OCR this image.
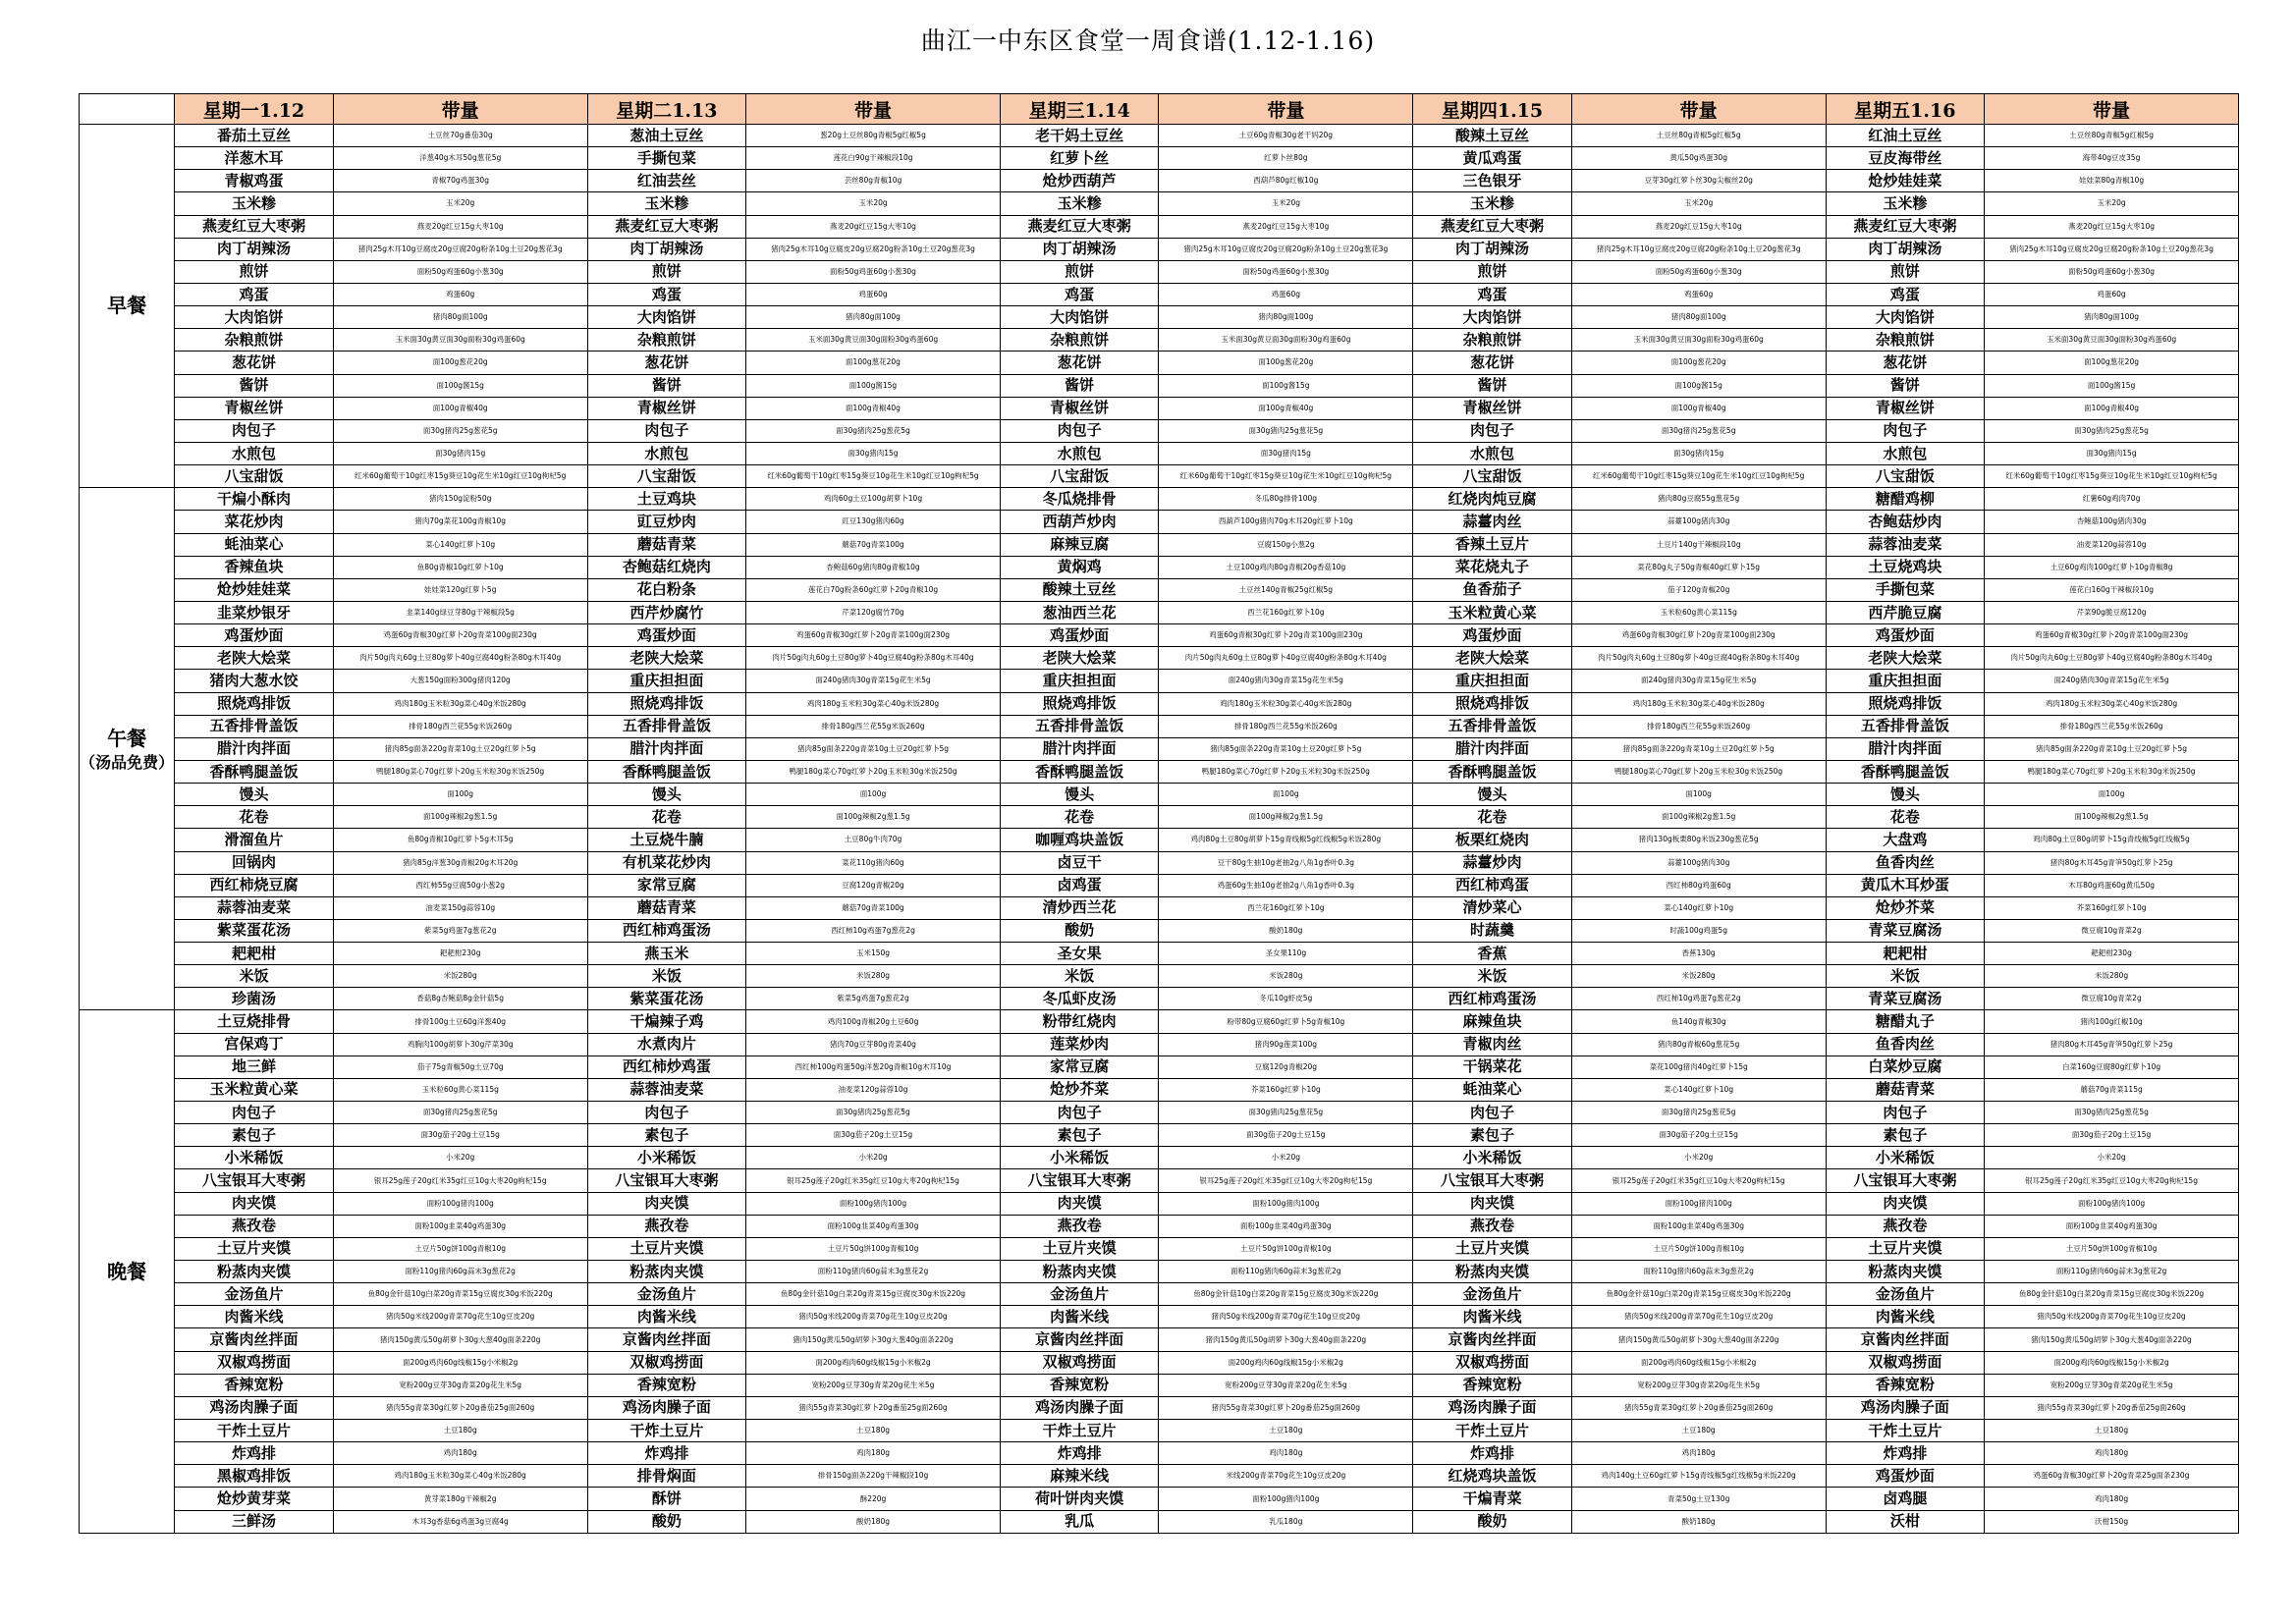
曲江一中东区食堂一周食谱(1.12-1.16)
	星期一1.12	带量	星期二1.13	带量	星期三1.14	带量	星期四1.15	带量	星期五1.16	带量
早餐	番茄土豆丝	土豆丝70g番茄30g	葱油土豆丝	葱20g土豆丝80g青椒5g红椒5g	老干妈土豆丝	土豆60g青椒30g老干妈20g	酸辣土豆丝	土豆丝80g青椒5g红椒5g	红油土豆丝	土豆丝80g青椒5g红椒5g
	洋葱木耳	洋葱40g木耳50g葱花5g	手撕包菜	莲花白90g干辣椒段10g	红萝卜丝	红萝卜丝80g	黄瓜鸡蛋	黄瓜50g鸡蛋30g	豆皮海带丝	海带40g豆皮35g
	青椒鸡蛋	青椒70g鸡蛋30g	红油芸丝	芸丝80g青椒10g	炝炒西葫芦	西葫芦80g红椒10g	三色银牙	豆芽30g红萝卜丝30g尖椒丝20g	炝炒娃娃菜	娃娃菜80g青椒10g
	玉米糁	玉米20g	玉米糁	玉米20g	玉米糁	玉米20g	玉米糁	玉米20g	玉米糁	玉米20g
	燕麦红豆大枣粥	燕麦20g红豆15g大枣10g	燕麦红豆大枣粥	燕麦20g红豆15g大枣10g	燕麦红豆大枣粥	燕麦20g红豆15g大枣10g	燕麦红豆大枣粥	燕麦20g红豆15g大枣10g	燕麦红豆大枣粥	燕麦20g红豆15g大枣10g
	肉丁胡辣汤	猪肉25g木耳10g豆腐皮20g豆腐20g粉条10g土豆20g葱花3g	肉丁胡辣汤	猪肉25g木耳10g豆腐皮20g豆腐20g粉条10g土豆20g葱花3g	肉丁胡辣汤	猪肉25g木耳10g豆腐皮20g豆腐20g粉条10g土豆20g葱花3g	肉丁胡辣汤	猪肉25g木耳10g豆腐皮20g豆腐20g粉条10g土豆20g葱花3g	肉丁胡辣汤	猪肉25g木耳10g豆腐皮20g豆腐20g粉条10g土豆20g葱花3g
	煎饼	面粉50g鸡蛋60g小葱30g	煎饼	面粉50g鸡蛋60g小葱30g	煎饼	面粉50g鸡蛋60g小葱30g	煎饼	面粉50g鸡蛋60g小葱30g	煎饼	面粉50g鸡蛋60g小葱30g
	鸡蛋	鸡蛋60g	鸡蛋	鸡蛋60g	鸡蛋	鸡蛋60g	鸡蛋	鸡蛋60g	鸡蛋	鸡蛋60g
	大肉馅饼	猪肉80g面100g	大肉馅饼	猪肉80g面100g	大肉馅饼	猪肉80g面100g	大肉馅饼	猪肉80g面100g	大肉馅饼	猪肉80g面100g
	杂粮煎饼	玉米面30g黄豆面30g面粉30g鸡蛋60g	杂粮煎饼	玉米面30g黄豆面30g面粉30g鸡蛋60g	杂粮煎饼	玉米面30g黄豆面30g面粉30g鸡蛋60g	杂粮煎饼	玉米面30g黄豆面30g面粉30g鸡蛋60g	杂粮煎饼	玉米面30g黄豆面30g面粉30g鸡蛋60g
	葱花饼	面100g葱花20g	葱花饼	面100g葱花20g	葱花饼	面100g葱花20g	葱花饼	面100g葱花20g	葱花饼	面100g葱花20g
	酱饼	面100g酱15g	酱饼	面100g酱15g	酱饼	面100g酱15g	酱饼	面100g酱15g	酱饼	面100g酱15g
	青椒丝饼	面100g青椒40g	青椒丝饼	面100g青椒40g	青椒丝饼	面100g青椒40g	青椒丝饼	面100g青椒40g	青椒丝饼	面100g青椒40g
	肉包子	面30g猪肉25g葱花5g	肉包子	面30g猪肉25g葱花5g	肉包子	面30g猪肉25g葱花5g	肉包子	面30g猪肉25g葱花5g	肉包子	面30g猪肉25g葱花5g
	水煎包	面30g猪肉15g	水煎包	面30g猪肉15g	水煎包	面30g猪肉15g	水煎包	面30g猪肉15g	水煎包	面30g猪肉15g
	八宝甜饭	红米60g葡萄干10g红枣15g葵豆10g花生米10g红豆10g枸杞5g	八宝甜饭	红米60g葡萄干10g红枣15g葵豆10g花生米10g红豆10g枸杞5g	八宝甜饭	红米60g葡萄干10g红枣15g葵豆10g花生米10g红豆10g枸杞5g	八宝甜饭	红米60g葡萄干10g红枣15g葵豆10g花生米10g红豆10g枸杞5g	八宝甜饭	红米60g葡萄干10g红枣15g葵豆10g花生米10g红豆10g枸杞5g
午餐
（汤品免费）	干煸小酥肉	猪肉150g淀粉50g	土豆鸡块	鸡肉60g土豆100g胡萝卜10g	冬瓜烧排骨	冬瓜80g排骨100g	红烧肉炖豆腐	猪肉80g豆腐55g葱花5g	糖醋鸡柳	红薯60g鸡肉70g
	菜花炒肉	猪肉70g菜花100g青椒10g	豇豆炒肉	豇豆130g猪肉60g	西葫芦炒肉	西葫芦100g猪肉70g木耳20g红萝卜10g	蒜薹肉丝	蒜薹100g猪肉30g	杏鲍菇炒肉	杏鲍菇100g猪肉30g
	蚝油菜心	菜心140g红萝卜10g	蘑菇青菜	蘑菇70g青菜100g	麻辣豆腐	豆腐150g小葱2g	香辣土豆片	土豆片140g干辣椒段10g	蒜蓉油麦菜	油麦菜120g蒜蓉10g
	香辣鱼块	鱼80g青椒10g红萝卜10g	杏鲍菇红烧肉	杏鲍菇60g猪肉80g青椒10g	黄焖鸡	土豆100g鸡肉80g青椒20g香菇10g	菜花烧丸子	菜花80g丸子50g青椒40g红萝卜15g	土豆烧鸡块	土豆60g鸡肉100g红萝卜10g青椒8g
	炝炒娃娃菜	娃娃菜120g红萝卜5g	花白粉条	莲花白70g粉条60g红萝卜20g青椒10g	酸辣土豆丝	土豆丝140g青椒25g红椒5g	鱼香茄子	茄子120g青椒20g	手撕包菜	莲花白160g干辣椒段10g
	韭菜炒银牙	韭菜140g绿豆芽80g干辣椒段5g	西芹炒腐竹	芹菜120g腐竹70g	葱油西兰花	西兰花160g红萝卜10g	玉米粒黄心菜	玉米粒60g黄心菜115g	西芹脆豆腐	芹菜90g脆豆腐120g
	鸡蛋炒面	鸡蛋60g青椒30g红萝卜20g青菜100g面230g	鸡蛋炒面	鸡蛋60g青椒30g红萝卜20g青菜100g面230g	鸡蛋炒面	鸡蛋60g青椒30g红萝卜20g青菜100g面230g	鸡蛋炒面	鸡蛋60g青椒30g红萝卜20g青菜100g面230g	鸡蛋炒面	鸡蛋60g青椒30g红萝卜20g青菜100g面230g
	老陕大烩菜	肉片50g肉丸60g土豆80g萝卜40g豆腐40g粉条80g木耳40g	老陕大烩菜	肉片50g肉丸60g土豆80g萝卜40g豆腐40g粉条80g木耳40g	老陕大烩菜	肉片50g肉丸60g土豆80g萝卜40g豆腐40g粉条80g木耳40g	老陕大烩菜	肉片50g肉丸60g土豆80g萝卜40g豆腐40g粉条80g木耳40g	老陕大烩菜	肉片50g肉丸60g土豆80g萝卜40g豆腐40g粉条80g木耳40g
	猪肉大葱水饺	大葱150g面粉300g猪肉120g	重庆担担面	面240g猪肉30g青菜15g花生米5g	重庆担担面	面240g猪肉30g青菜15g花生米5g	重庆担担面	面240g猪肉30g青菜15g花生米5g	重庆担担面	面240g猪肉30g青菜15g花生米5g
	照烧鸡排饭	鸡肉180g玉米粒30g菜心40g米饭280g	照烧鸡排饭	鸡肉180g玉米粒30g菜心40g米饭280g	照烧鸡排饭	鸡肉180g玉米粒30g菜心40g米饭280g	照烧鸡排饭	鸡肉180g玉米粒30g菜心40g米饭280g	照烧鸡排饭	鸡肉180g玉米粒30g菜心40g米饭280g
	五香排骨盖饭	排骨180g西兰花55g米饭260g	五香排骨盖饭	排骨180g西兰花55g米饭260g	五香排骨盖饭	排骨180g西兰花55g米饭260g	五香排骨盖饭	排骨180g西兰花55g米饭260g	五香排骨盖饭	排骨180g西兰花55g米饭260g
	腊汁肉拌面	猪肉85g面条220g青菜10g土豆20g红萝卜5g	腊汁肉拌面	猪肉85g面条220g青菜10g土豆20g红萝卜5g	腊汁肉拌面	猪肉85g面条220g青菜10g土豆20g红萝卜5g	腊汁肉拌面	猪肉85g面条220g青菜10g土豆20g红萝卜5g	腊汁肉拌面	猪肉85g面条220g青菜10g土豆20g红萝卜5g
	香酥鸭腿盖饭	鸭腿180g菜心70g红萝卜20g玉米粒30g米饭250g	香酥鸭腿盖饭	鸭腿180g菜心70g红萝卜20g玉米粒30g米饭250g	香酥鸭腿盖饭	鸭腿180g菜心70g红萝卜20g玉米粒30g米饭250g	香酥鸭腿盖饭	鸭腿180g菜心70g红萝卜20g玉米粒30g米饭250g	香酥鸭腿盖饭	鸭腿180g菜心70g红萝卜20g玉米粒30g米饭250g
	馒头	面100g	馒头	面100g	馒头	面100g	馒头	面100g	馒头	面100g
	花卷	面100g辣椒2g葱1.5g	花卷	面100g辣椒2g葱1.5g	花卷	面100g辣椒2g葱1.5g	花卷	面100g辣椒2g葱1.5g	花卷	面100g辣椒2g葱1.5g
	滑溜鱼片	鱼80g青椒10g红萝卜5g木耳5g	土豆烧牛腩	土豆80g牛肉70g	咖喱鸡块盖饭	鸡肉80g土豆80g胡萝卜15g青线椒5g红线椒5g米饭280g	板栗红烧肉	猪肉130g板栗80g米饭230g葱花5g	大盘鸡	鸡肉80g土豆80g胡萝卜15g青线椒5g红线椒5g
	回锅肉	猪肉85g洋葱30g青椒20g木耳20g	有机菜花炒肉	菜花110g猪肉60g	卤豆干	豆干80g生抽10g老抽2g八角1g香叶0.3g	蒜薹炒肉	蒜薹100g猪肉30g	鱼香肉丝	猪肉80g木耳45g青笋50g红萝卜25g
	西红柿烧豆腐	西红柿55g豆腐50g小葱2g	家常豆腐	豆腐120g青椒20g	卤鸡蛋	鸡蛋60g生抽10g老抽2g八角1g香叶0.3g	西红柿鸡蛋	西红柿80g鸡蛋60g	黄瓜木耳炒蛋	木耳80g鸡蛋60g黄瓜50g
	蒜蓉油麦菜	油麦菜150g蒜蓉10g	蘑菇青菜	蘑菇70g青菜100g	清炒西兰花	西兰花160g红萝卜10g	清炒菜心	菜心140g红萝卜10g	炝炒芥菜	芥菜160g红萝卜10g
	紫菜蛋花汤	紫菜5g鸡蛋7g葱花2g	西红柿鸡蛋汤	西红柿10g鸡蛋7g葱花2g	酸奶	酸奶180g	时蔬羹	时蔬100g鸡蛋5g	青菜豆腐汤	微豆腐10g青菜2g
	耙耙柑	耙耙柑230g	燕玉米	玉米150g	圣女果	圣女果110g	香蕉	香蕉130g	耙耙柑	耙耙柑230g
	米饭	米饭280g	米饭	米饭280g	米饭	米饭280g	米饭	米饭280g	米饭	米饭280g
	珍菌汤	香菇8g杏鲍菇8g金针菇5g	紫菜蛋花汤	紫菜5g鸡蛋7g葱花2g	冬瓜虾皮汤	冬瓜10g虾皮5g	西红柿鸡蛋汤	西红柿10g鸡蛋7g葱花2g	青菜豆腐汤	微豆腐10g青菜2g
晚餐	土豆烧排骨	排骨100g土豆60g洋葱40g	干煸辣子鸡	鸡肉100g青椒20g土豆60g	粉带红烧肉	粉带80g豆腐60g红萝卜5g青椒10g	麻辣鱼块	鱼140g青椒30g	糖醋丸子	猪肉100g红椒10g
	宫保鸡丁	鸡胸肉100g胡萝卜30g芹菜30g	水煮肉片	猪肉70g豆芽80g青菜40g	莲菜炒肉	猪肉90g莲菜100g	青椒肉丝	猪肉80g青椒60g葱花5g	鱼香肉丝	猪肉80g木耳45g青笋50g红萝卜25g
	地三鲜	茄子75g青椒50g土豆70g	西红柿炒鸡蛋	西红柿100g鸡蛋50g洋葱20g青椒10g木耳10g	家常豆腐	豆腐120g青椒20g	干锅菜花	菜花100g猪肉40g红萝卜15g	白菜炒豆腐	白菜160g豆腐80g红萝卜10g
	玉米粒黄心菜	玉米粒60g黄心菜115g	蒜蓉油麦菜	油麦菜120g蒜蓉10g	炝炒芥菜	芥菜160g红萝卜10g	蚝油菜心	菜心140g红萝卜10g	蘑菇青菜	蘑菇70g青菜115g
	肉包子	面30g猪肉25g葱花5g	肉包子	面30g猪肉25g葱花5g	肉包子	面30g猪肉25g葱花5g	肉包子	面30g猪肉25g葱花5g	肉包子	面30g猪肉25g葱花5g
	素包子	面30g茄子20g土豆15g	素包子	面30g茄子20g土豆15g	素包子	面30g茄子20g土豆15g	素包子	面30g茄子20g土豆15g	素包子	面30g茄子20g土豆15g
	小米稀饭	小米20g	小米稀饭	小米20g	小米稀饭	小米20g	小米稀饭	小米20g	小米稀饭	小米20g
	八宝银耳大枣粥	银耳25g莲子20g红米35g红豆10g大枣20g枸杞15g	八宝银耳大枣粥	银耳25g莲子20g红米35g红豆10g大枣20g枸杞15g	八宝银耳大枣粥	银耳25g莲子20g红米35g红豆10g大枣20g枸杞15g	八宝银耳大枣粥	银耳25g莲子20g红米35g红豆10g大枣20g枸杞15g	八宝银耳大枣粥	银耳25g莲子20g红米35g红豆10g大枣20g枸杞15g
	肉夹馍	面粉100g猪肉100g	肉夹馍	面粉100g猪肉100g	肉夹馍	面粉100g猪肉100g	肉夹馍	面粉100g猪肉100g	肉夹馍	面粉100g猪肉100g
	燕孜卷	面粉100g韭菜40g鸡蛋30g	燕孜卷	面粉100g韭菜40g鸡蛋30g	燕孜卷	面粉100g韭菜40g鸡蛋30g	燕孜卷	面粉100g韭菜40g鸡蛋30g	燕孜卷	面粉100g韭菜40g鸡蛋30g
	土豆片夹馍	土豆片50g饼100g青椒10g	土豆片夹馍	土豆片50g饼100g青椒10g	土豆片夹馍	土豆片50g饼100g青椒10g	土豆片夹馍	土豆片50g饼100g青椒10g	土豆片夹馍	土豆片50g饼100g青椒10g
	粉蒸肉夹馍	面粉110g猪肉60g蒜末3g葱花2g	粉蒸肉夹馍	面粉110g猪肉60g蒜末3g葱花2g	粉蒸肉夹馍	面粉110g猪肉60g蒜末3g葱花2g	粉蒸肉夹馍	面粉110g猪肉60g蒜末3g葱花2g	粉蒸肉夹馍	面粉110g猪肉60g蒜末3g葱花2g
	金汤鱼片	鱼80g金针菇10g白菜20g青菜15g豆腐皮30g米饭220g	金汤鱼片	鱼80g金针菇10g白菜20g青菜15g豆腐皮30g米饭220g	金汤鱼片	鱼80g金针菇10g白菜20g青菜15g豆腐皮30g米饭220g	金汤鱼片	鱼80g金针菇10g白菜20g青菜15g豆腐皮30g米饭220g	金汤鱼片	鱼80g金针菇10g白菜20g青菜15g豆腐皮30g米饭220g
	肉酱米线	猪肉50g米线200g青菜70g花生10g豆皮20g	肉酱米线	猪肉50g米线200g青菜70g花生10g豆皮20g	肉酱米线	猪肉50g米线200g青菜70g花生10g豆皮20g	肉酱米线	猪肉50g米线200g青菜70g花生10g豆皮20g	肉酱米线	猪肉50g米线200g青菜70g花生10g豆皮20g
	京酱肉丝拌面	猪肉150g黄瓜50g胡萝卜30g大葱40g面条220g	京酱肉丝拌面	猪肉150g黄瓜50g胡萝卜30g大葱40g面条220g	京酱肉丝拌面	猪肉150g黄瓜50g胡萝卜30g大葱40g面条220g	京酱肉丝拌面	猪肉150g黄瓜50g胡萝卜30g大葱40g面条220g	京酱肉丝拌面	猪肉150g黄瓜50g胡萝卜30g大葱40g面条220g
	双椒鸡捞面	面200g鸡肉60g线椒15g小米椒2g	双椒鸡捞面	面200g鸡肉60g线椒15g小米椒2g	双椒鸡捞面	面200g鸡肉60g线椒15g小米椒2g	双椒鸡捞面	面200g鸡肉60g线椒15g小米椒2g	双椒鸡捞面	面200g鸡肉60g线椒15g小米椒2g
	香辣宽粉	宽粉200g豆芽30g青菜20g花生米5g	香辣宽粉	宽粉200g豆芽30g青菜20g花生米5g	香辣宽粉	宽粉200g豆芽30g青菜20g花生米5g	香辣宽粉	宽粉200g豆芽30g青菜20g花生米5g	香辣宽粉	宽粉200g豆芽30g青菜20g花生米5g
	鸡汤肉臊子面	猪肉55g青菜30g红萝卜20g番茄25g面260g	鸡汤肉臊子面	猪肉55g青菜30g红萝卜20g番茄25g面260g	鸡汤肉臊子面	猪肉55g青菜30g红萝卜20g番茄25g面260g	鸡汤肉臊子面	猪肉55g青菜30g红萝卜20g番茄25g面260g	鸡汤肉臊子面	猪肉55g青菜30g红萝卜20g番茄25g面260g
	干炸土豆片	土豆180g	干炸土豆片	土豆180g	干炸土豆片	土豆180g	干炸土豆片	土豆180g	干炸土豆片	土豆180g
	炸鸡排	鸡肉180g	炸鸡排	鸡肉180g	炸鸡排	鸡肉180g	炸鸡排	鸡肉180g	炸鸡排	鸡肉180g
	黑椒鸡排饭	鸡肉180g玉米粒30g菜心40g米饭280g	排骨焖面	排骨150g面条220g干辣椒段10g	麻辣米线	米线200g青菜70g花生10g豆皮20g	红烧鸡块盖饭	鸡肉140g土豆60g红萝卜15g青线椒5g红线椒5g米饭220g	鸡蛋炒面	鸡蛋60g青椒30g红萝卜20g青菜25g面条230g
	炝炒黄芽菜	黄芽菜180g干辣椒2g	酥饼	酥220g	荷叶饼肉夹馍	面粉100g猪肉100g	干煸青菜	青菜50g土豆130g	卤鸡腿	鸡肉180g
	三鲜汤	木耳3g香菇6g鸡蛋3g豆腐4g	酸奶	酸奶180g	乳瓜	乳瓜180g	酸奶	酸奶180g	沃柑	沃柑150g
